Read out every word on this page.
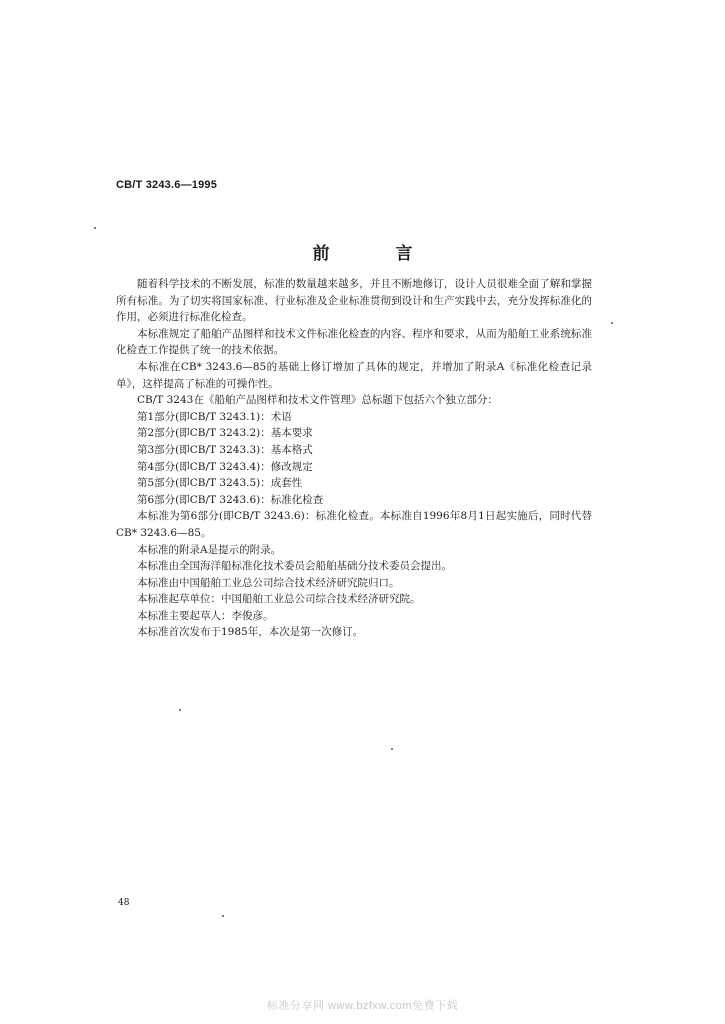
CB/T 3243.6—1995
前 言

随着科学技术的不断发展，标准的数量越来越多，并且不断地修订，设计人员很难全面了解和掌握所有标准。为了切实将国家标准、行业标准及企业标准贯彻到设计和生产实践中去，充分发挥标准化的作用，必须进行标准化检查。

本标准规定了船舶产品图样和技术文件标准化检查的内容、程序和要求，从而为船舶工业系统标准化检查工作提供了统一的技术依据。

本标准在CB* 3243.6—85的基础上修订增加了具体的规定，并增加了附录A《标准化检查记录单》，这样提高了标准的可操作性。

CB/T 3243在《船舶产品图样和技术文件管理》总标题下包括六个独立部分：

第1部分(即CB/T 3243.1)：术语

第2部分(即CB/T 3243.2)：基本要求

第3部分(即CB/T 3243.3)：基本格式

第4部分(即CB/T 3243.4)：修改规定

第5部分(即CB/T 3243.5)：成套性

第6部分(即CB/T 3243.6)：标准化检查

本标准为第6部分(即CB/T 3243.6)：标准化检查。本标准自1996年8月1日起实施后，同时代替CB* 3243.6—85。

本标准的附录A是提示的附录。

本标准由全国海洋船标准化技术委员会船舶基础分技术委员会提出。

本标准由中国船舶工业总公司综合技术经济研究院归口。

本标准起草单位：中国船舶工业总公司综合技术经济研究院。

本标准主要起草人：李俊彦。

本标准首次发布于1985年，本次是第一次修订。

48
标准分享网 www.bzfxw.com免费下载
